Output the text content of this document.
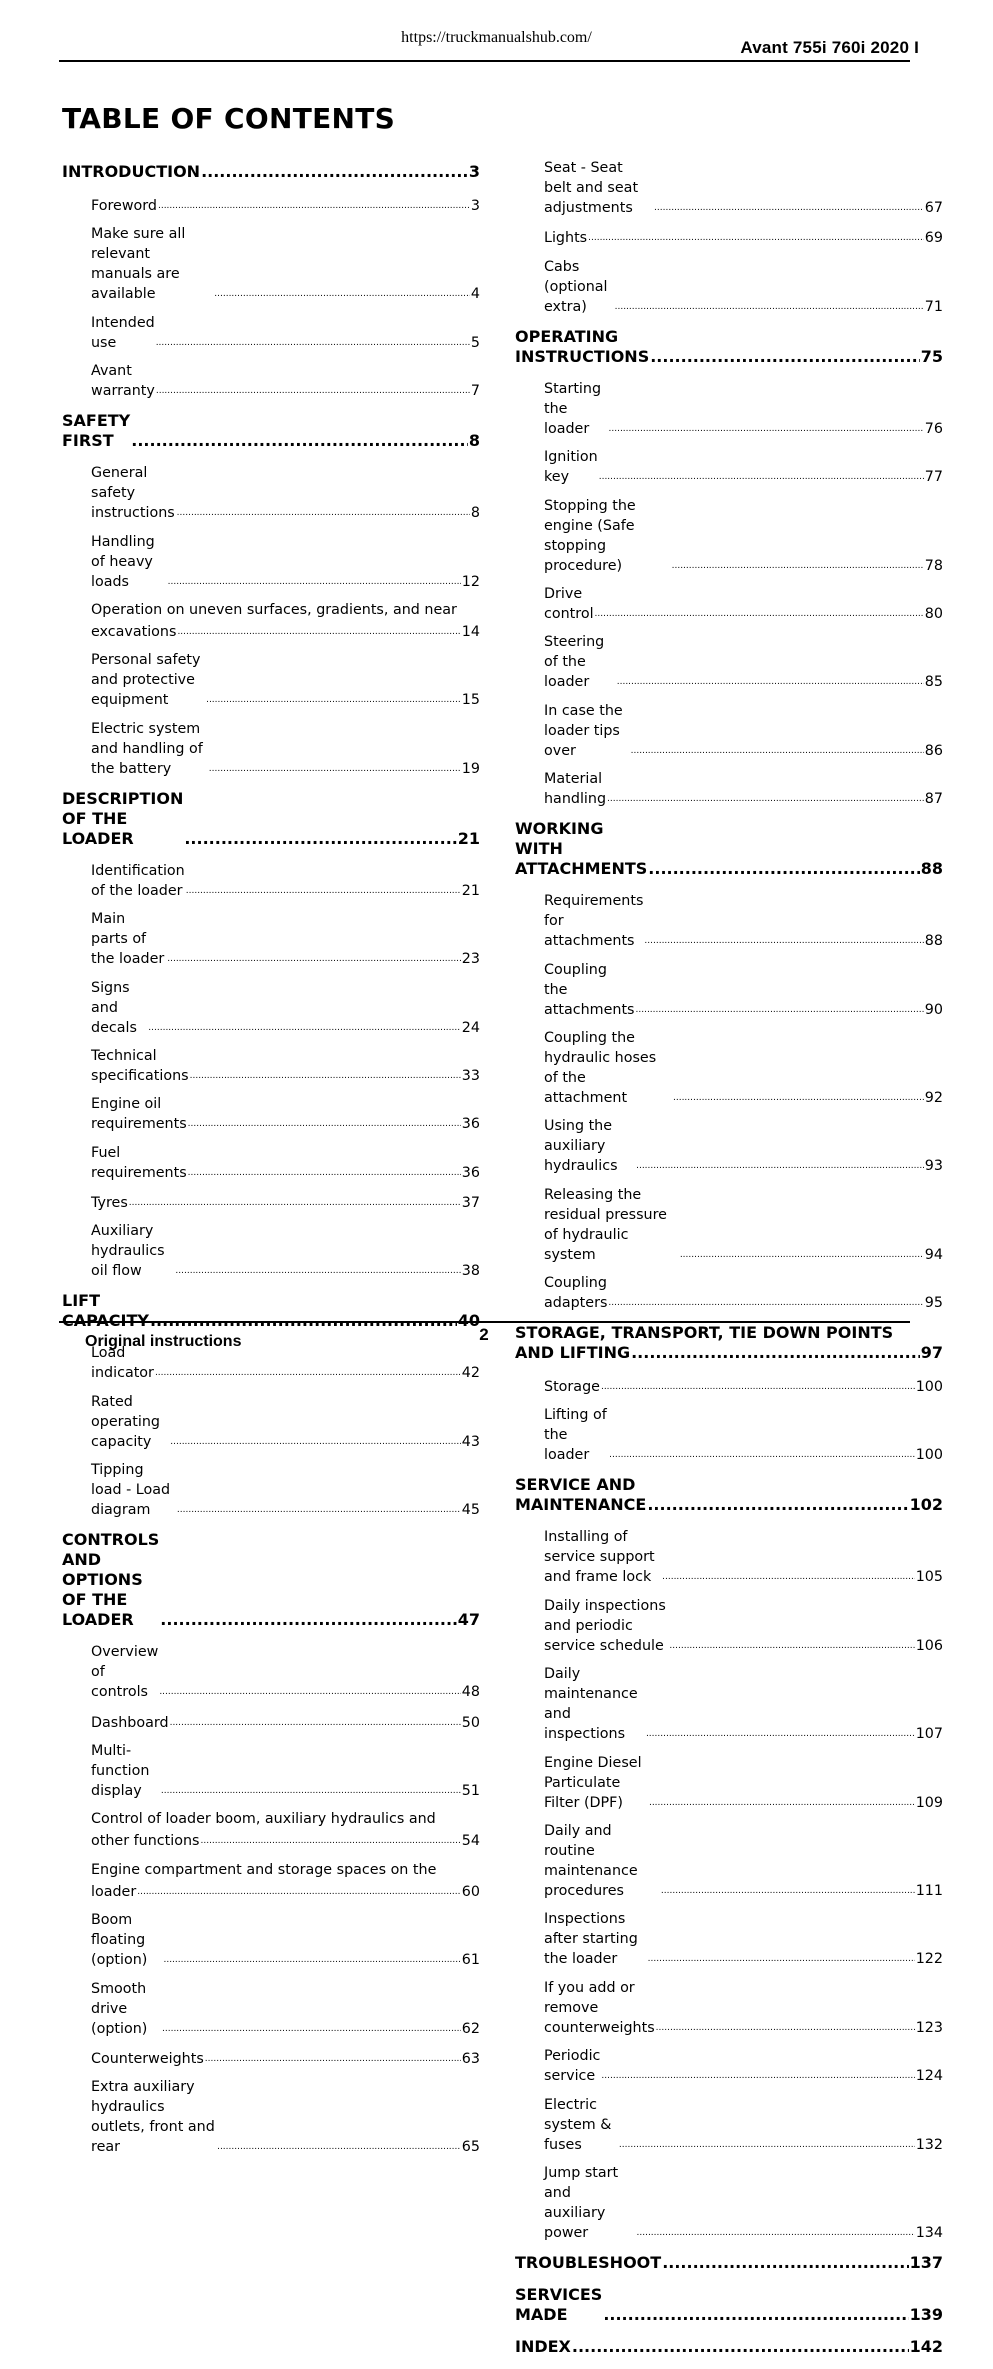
https://truckmanualshub.com/
Avant 755i 760i 2020 I
TABLE OF CONTENTS
INTRODUCTION .....	3
Foreword .....	3
Make sure all relevant manuals are available .....	4
Intended use .....	5
Avant warranty .....	7
SAFETY FIRST .....	8
General safety instructions .....	8
Handling of heavy loads .....	12
Operation on uneven surfaces, gradients, and near
excavations .....	14
Personal safety and protective equipment .....	15
Electric system and handling of the battery .....	19
DESCRIPTION OF THE LOADER .....	21
Identification of the loader .....	21
Main parts of the loader .....	23
Signs and decals .....	24
Technical specifications .....	33
Engine oil requirements .....	36
Fuel requirements .....	36
Tyres .....	37
Auxiliary hydraulics oil flow .....	38
LIFT CAPACITY .....	40
Load indicator .....	42
Rated operating capacity .....	43
Tipping load - Load diagram .....	45
CONTROLS AND OPTIONS OF THE LOADER .....	47
Overview of controls .....	48
Dashboard .....	50
Multi-function display .....	51
Control of loader boom, auxiliary hydraulics and
other functions .....	54
Engine compartment and storage spaces on the
loader .....	60
Boom floating (option) .....	61
Smooth drive (option) .....	62
Counterweights .....	63
Extra auxiliary hydraulics outlets, front and rear .....	65
Seat - Seat belt and seat adjustments .....	67
Lights .....	69
Cabs (optional extra) .....	71
OPERATING INSTRUCTIONS .....	75
Starting the loader .....	76
Ignition key .....	77
Stopping the engine (Safe stopping procedure) .....	78
Drive control .....	80
Steering of the loader .....	85
In case the loader tips over .....	86
Material handling .....	87
WORKING WITH ATTACHMENTS .....	88
Requirements for attachments .....	88
Coupling the attachments .....	90
Coupling the hydraulic hoses of the attachment .....	92
Using the auxiliary hydraulics .....	93
Releasing the residual pressure of hydraulic system .....	94
Coupling adapters .....	95
STORAGE, TRANSPORT, TIE DOWN POINTS
AND LIFTING .....	97
Storage .....	100
Lifting of the loader .....	100
SERVICE AND MAINTENANCE .....	102
Installing of service support and frame lock .....	105
Daily inspections and periodic service schedule .....	106
Daily maintenance and inspections .....	107
Engine Diesel Particulate Filter (DPF) .....	109
Daily and routine maintenance procedures .....	111
Inspections after starting the loader .....	122
If you add or remove counterweights .....	123
Periodic service .....	124
Electric system & fuses .....	132
Jump start and auxiliary power .....	134
TROUBLESHOOT .....	137
SERVICES MADE .....	139
INDEX .....	142
Original instructions	2
